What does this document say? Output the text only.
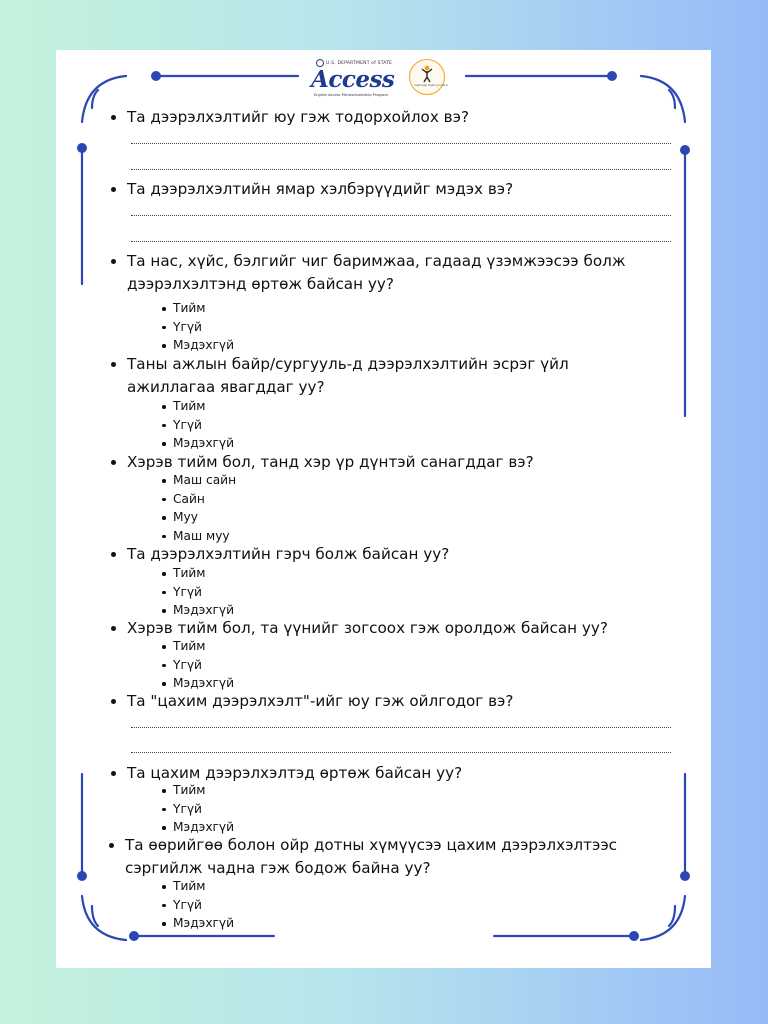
U.S. DEPARTMENT of STATE
Access
English Access Microscholarship Program
партнер байгууллага
Та дээрэлхэлтийг юу гэж тодорхойлох вэ?
Та дээрэлхэлтийн ямар хэлбэрүүдийг мэдэх вэ?
Та нас, хүйс, бэлгийг чиг баримжаа, гадаад үзэмжээсээ болж
дээрэлхэлтэнд өртөж байсан уу?
Тийм
Үгүй
Мэдэхгүй
Таны ажлын байр/сургууль-д дээрэлхэлтийн эсрэг үйл
ажиллагаа явагддаг уу?
Тийм
Үгүй
Мэдэхгүй
Хэрэв тийм бол, танд хэр үр дүнтэй санагддаг вэ?
Маш сайн
Сайн
Муу
Маш муу
Та дээрэлхэлтийн гэрч болж байсан уу?
Тийм
Үгүй
Мэдэхгүй
Хэрэв тийм бол, та үүнийг зогсоох гэж оролдож байсан уу?
Тийм
Үгүй
Мэдэхгүй
Та "цахим дээрэлхэлт"-ийг юу гэж ойлгодог вэ?
Та цахим дээрэлхэлтэд өртөж байсан уу?
Тийм
Үгүй
Мэдэхгүй
Та өөрийгөө болон ойр дотны хүмүүсээ цахим дээрэлхэлтээс
сэргийлж чадна гэж бодож байна уу?
Тийм
Үгүй
Мэдэхгүй
